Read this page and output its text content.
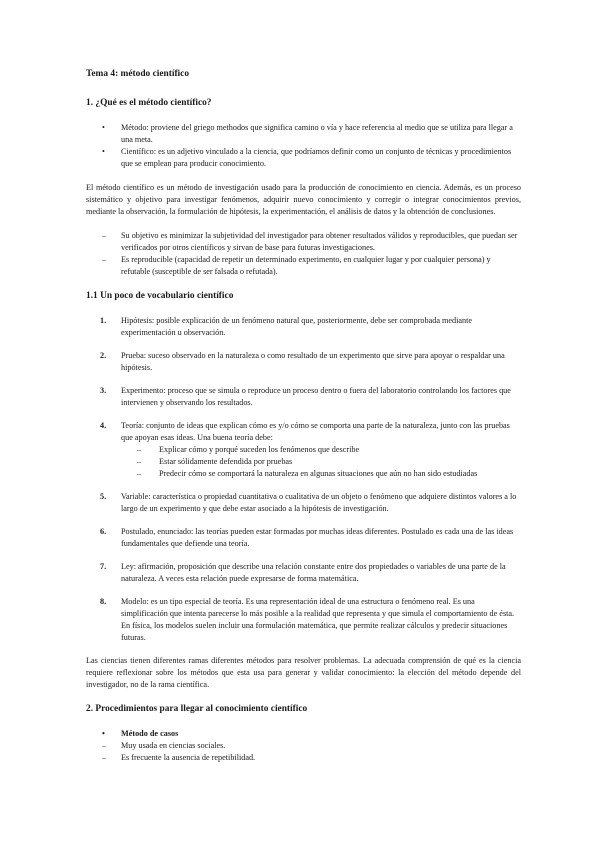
Tema 4: método científico
1. ¿Qué es el método científico?
• Método: proviene del griego methodos que significa camino o vía y hace referencia al medio que se utiliza para llegar a una meta.
• Científico: es un adjetivo vinculado a la ciencia, que podríamos definir como un conjunto de técnicas y procedimientos que se emplean para producir conocimiento.

El método científico es un método de investigación usado para la producción de conocimiento en ciencia. Además, es un proceso sistemático y objetivo para investigar fenómenos, adquirir nuevo conocimiento y corregir o integrar conocimientos previos, mediante la observación, la formulación de hipótesis, la experimentación, el análisis de datos y la obtención de conclusiones.

– Su objetivo es minimizar la subjetividad del investigador para obtener resultados válidos y reproducibles, que puedan ser verificados por otros científicos y sirvan de base para futuras investigaciones.
– Es reproducible (capacidad de repetir un determinado experimento, en cualquier lugar y por cualquier persona) y refutable (susceptible de ser falsada o refutada).
1.1 Un poco de vocabulario científico
1. Hipótesis: posible explicación de un fenómeno natural que, posteriormente, debe ser comprobada mediante experimentación u observación.
2. Prueba: suceso observado en la naturaleza o como resultado de un experimento que sirve para apoyar o respaldar una hipótesis.
3. Experimento: proceso que se simula o reproduce un proceso dentro o fuera del laboratorio controlando los factores que intervienen y observando los resultados.
4. Teoría: conjunto de ideas que explican cómo es y/o cómo se comporta una parte de la naturaleza, junto con las pruebas que apoyan esas ideas. Una buena teoría debe:
– Explicar cómo y porqué suceden los fenómenos que describe
– Estar sólidamente defendida por pruebas
– Predecir cómo se comportará la naturaleza en algunas situaciones que aún no han sido estudiadas
5. Variable: característica o propiedad cuantitativa o cualitativa de un objeto o fenómeno que adquiere distintos valores a lo largo de un experimento y que debe estar asociado a la hipótesis de investigación.
6. Postulado, enunciado: las teorías pueden estar formadas por muchas ideas diferentes. Postulado es cada una de las ideas fundamentales que defiende una teoría.
7. Ley: afirmación, proposición que describe una relación constante entre dos propiedades o variables de una parte de la naturaleza. A veces esta relación puede expresarse de forma matemática.
8. Modelo: es un tipo especial de teoría. Es una representación ideal de una estructura o fenómeno real. Es una simplificación que intenta parecerse lo más posible a la realidad que representa y que simula el comportamiento de ésta. En física, los modelos suelen incluir una formulación matemática, que permite realizar cálculos y predecir situaciones futuras.

Las ciencias tienen diferentes ramas diferentes métodos para resolver problemas. La adecuada comprensión de qué es la ciencia requiere reflexionar sobre los métodos que esta usa para generar y validar conocimiento: la elección del método depende del investigador, no de la rama científica.

2. Procedimientos para llegar al conocimiento científico
• Método de casos
– Muy usada en ciencias sociales.
– Es frecuente la ausencia de repetibilidad.
